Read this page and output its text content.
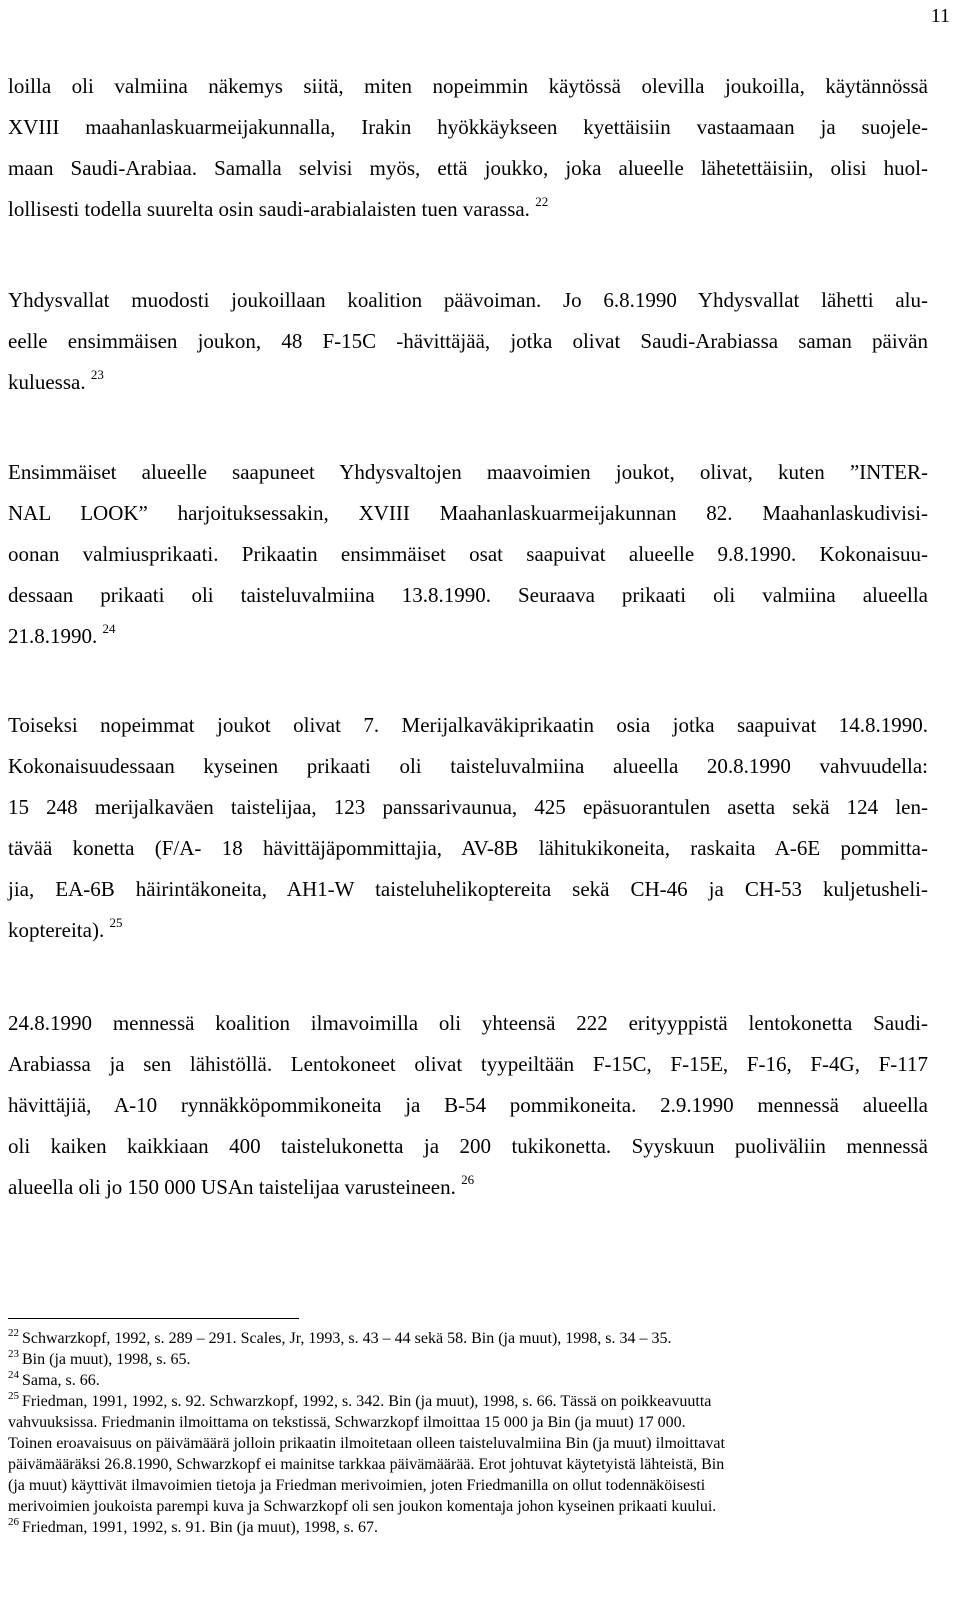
11
loilla oli valmiina näkemys siitä, miten nopeimmin käytössä olevilla joukoilla, käytännössä
XVIII maahanlaskuarmeijakunnalla, Irakin hyökkäykseen kyettäisiin vastaamaan ja suojele-
maan Saudi-Arabiaa. Samalla selvisi myös, että joukko, joka alueelle lähetettäisiin, olisi huol-
lollisesti todella suurelta osin saudi-arabialaisten tuen varassa. $^{22}$
Yhdysvallat muodosti joukoillaan koalition päävoiman. Jo 6.8.1990 Yhdysvallat lähetti alu-
eelle ensimmäisen joukon, 48 F-15C -hävittäjää, jotka olivat Saudi-Arabiassa saman päivän
kuluessa. $^{23}$
Ensimmäiset alueelle saapuneet Yhdysvaltojen maavoimien joukot, olivat, kuten ”INTER-
NAL LOOK” harjoituksessakin, XVIII Maahanlaskuarmeijakunnan 82. Maahanlaskudivisi-
oonan valmiusprikaati. Prikaatin ensimmäiset osat saapuivat alueelle 9.8.1990. Kokonaisuu-
dessaan prikaati oli taisteluvalmiina 13.8.1990. Seuraava prikaati oli valmiina alueella
21.8.1990. $^{24}$
Toiseksi nopeimmat joukot olivat 7. Merijalkaväkiprikaatin osia jotka saapuivat 14.8.1990.
Kokonaisuudessaan kyseinen prikaati oli taisteluvalmiina alueella 20.8.1990 vahvuudella:
15 248 merijalkaväen taistelijaa, 123 panssarivaunua, 425 epäsuorantulen asetta sekä 124 len-
tävää konetta (F/A- 18 hävittäjäpommittajia, AV-8B lähitukikoneita, raskaita A-6E pommitta-
jia, EA-6B häirintäkoneita, AH1-W taisteluhelikoptereita sekä CH-46 ja CH-53 kuljetusheli-
koptereita). $^{25}$
24.8.1990 mennessä koalition ilmavoimilla oli yhteensä 222 erityyppistä lentokonetta Saudi-
Arabiassa ja sen lähistöllä. Lentokoneet olivat tyypeiltään F-15C, F-15E, F-16, F-4G, F-117
hävittäjiä, A-10 rynnäkköpommikoneita ja B-54 pommikoneita. 2.9.1990 mennessä alueella
oli kaiken kaikkiaan 400 taistelukonetta ja 200 tukikonetta. Syyskuun puoliväliin mennessä
alueella oli jo 150 000 USAn taistelijaa varusteineen. $^{26}$
$^{22}$ Schwarzkopf, 1992, s. 289 – 291. Scales, Jr, 1993, s. 43 – 44 sekä 58. Bin (ja muut), 1998, s. 34 – 35.
$^{23}$ Bin (ja muut), 1998, s. 65.
$^{24}$ Sama, s. 66.
$^{25}$ Friedman, 1991, 1992, s. 92. Schwarzkopf, 1992, s. 342. Bin (ja muut), 1998, s. 66. Tässä on poikkeavuutta
vahvuuksissa. Friedmanin ilmoittama on tekstissä, Schwarzkopf ilmoittaa 15 000 ja Bin (ja muut) 17 000.
Toinen eroavaisuus on päivämäärä jolloin prikaatin ilmoitetaan olleen taisteluvalmiina Bin (ja muut) ilmoittavat
päivämääräksi 26.8.1990, Schwarzkopf ei mainitse tarkkaa päivämäärää. Erot johtuvat käytetyistä lähteistä, Bin
(ja muut) käyttivät ilmavoimien tietoja ja Friedman merivoimien, joten Friedmanilla on ollut todennäköisesti
merivoimien joukoista parempi kuva ja Schwarzkopf oli sen joukon komentaja johon kyseinen prikaati kuului.
$^{26}$ Friedman, 1991, 1992, s. 91. Bin (ja muut), 1998, s. 67.
